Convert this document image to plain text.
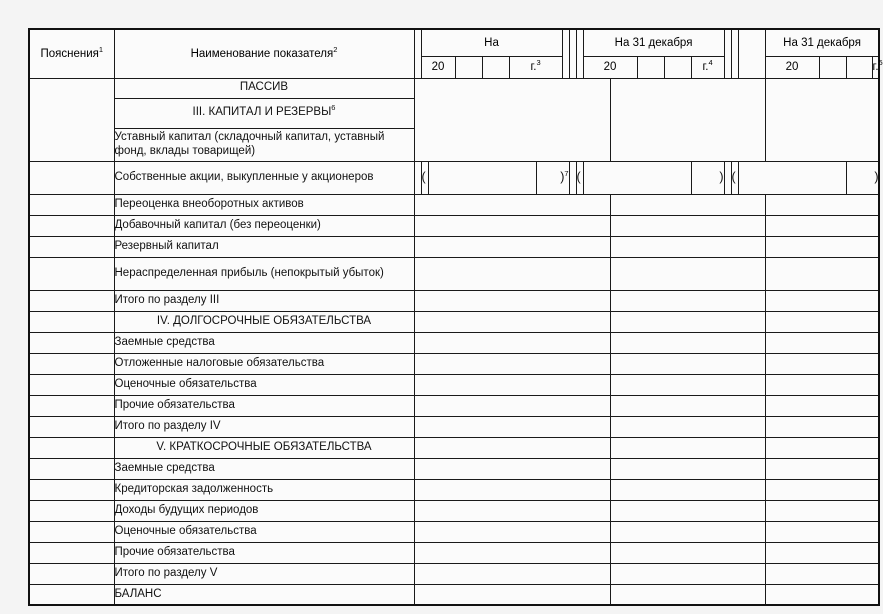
Пояснения$^1$	Наименование показателя$^2$		На									На 31 декабря								На 31 декабря				
			20				г.$^3$					20				г.$^4$				20			г.$^5$
	ПАССИВ																							
	III. КАПИТАЛ И РЕЗЕРВЫ$^6$
	Уставный капитал (складочный капитал, уставный фонд, вклады товарищей)																							
	Собственные акции, выкупленные у акционеров		(					)$^7$			(					)		(				)		
	Переоценка внеоборотных активов																							
	Добавочный капитал (без переоценки)																							
	Резервный капитал																							
	Нераспределенная прибыль (непокрытый убыток)																							
	Итого по разделу III																							
	IV. ДОЛГОСРОЧНЫЕ ОБЯЗАТЕЛЬСТВА																							
	Заемные средства																							
	Отложенные налоговые обязательства																							
	Оценочные обязательства																							
	Прочие обязательства																							
	Итого по разделу IV																							
	V. КРАТКОСРОЧНЫЕ ОБЯЗАТЕЛЬСТВА																							
	Заемные средства																							
	Кредиторская задолженность																							
	Доходы будущих периодов																							
	Оценочные обязательства																							
	Прочие обязательства																							
	Итого по разделу V																							
	БАЛАНС																							
